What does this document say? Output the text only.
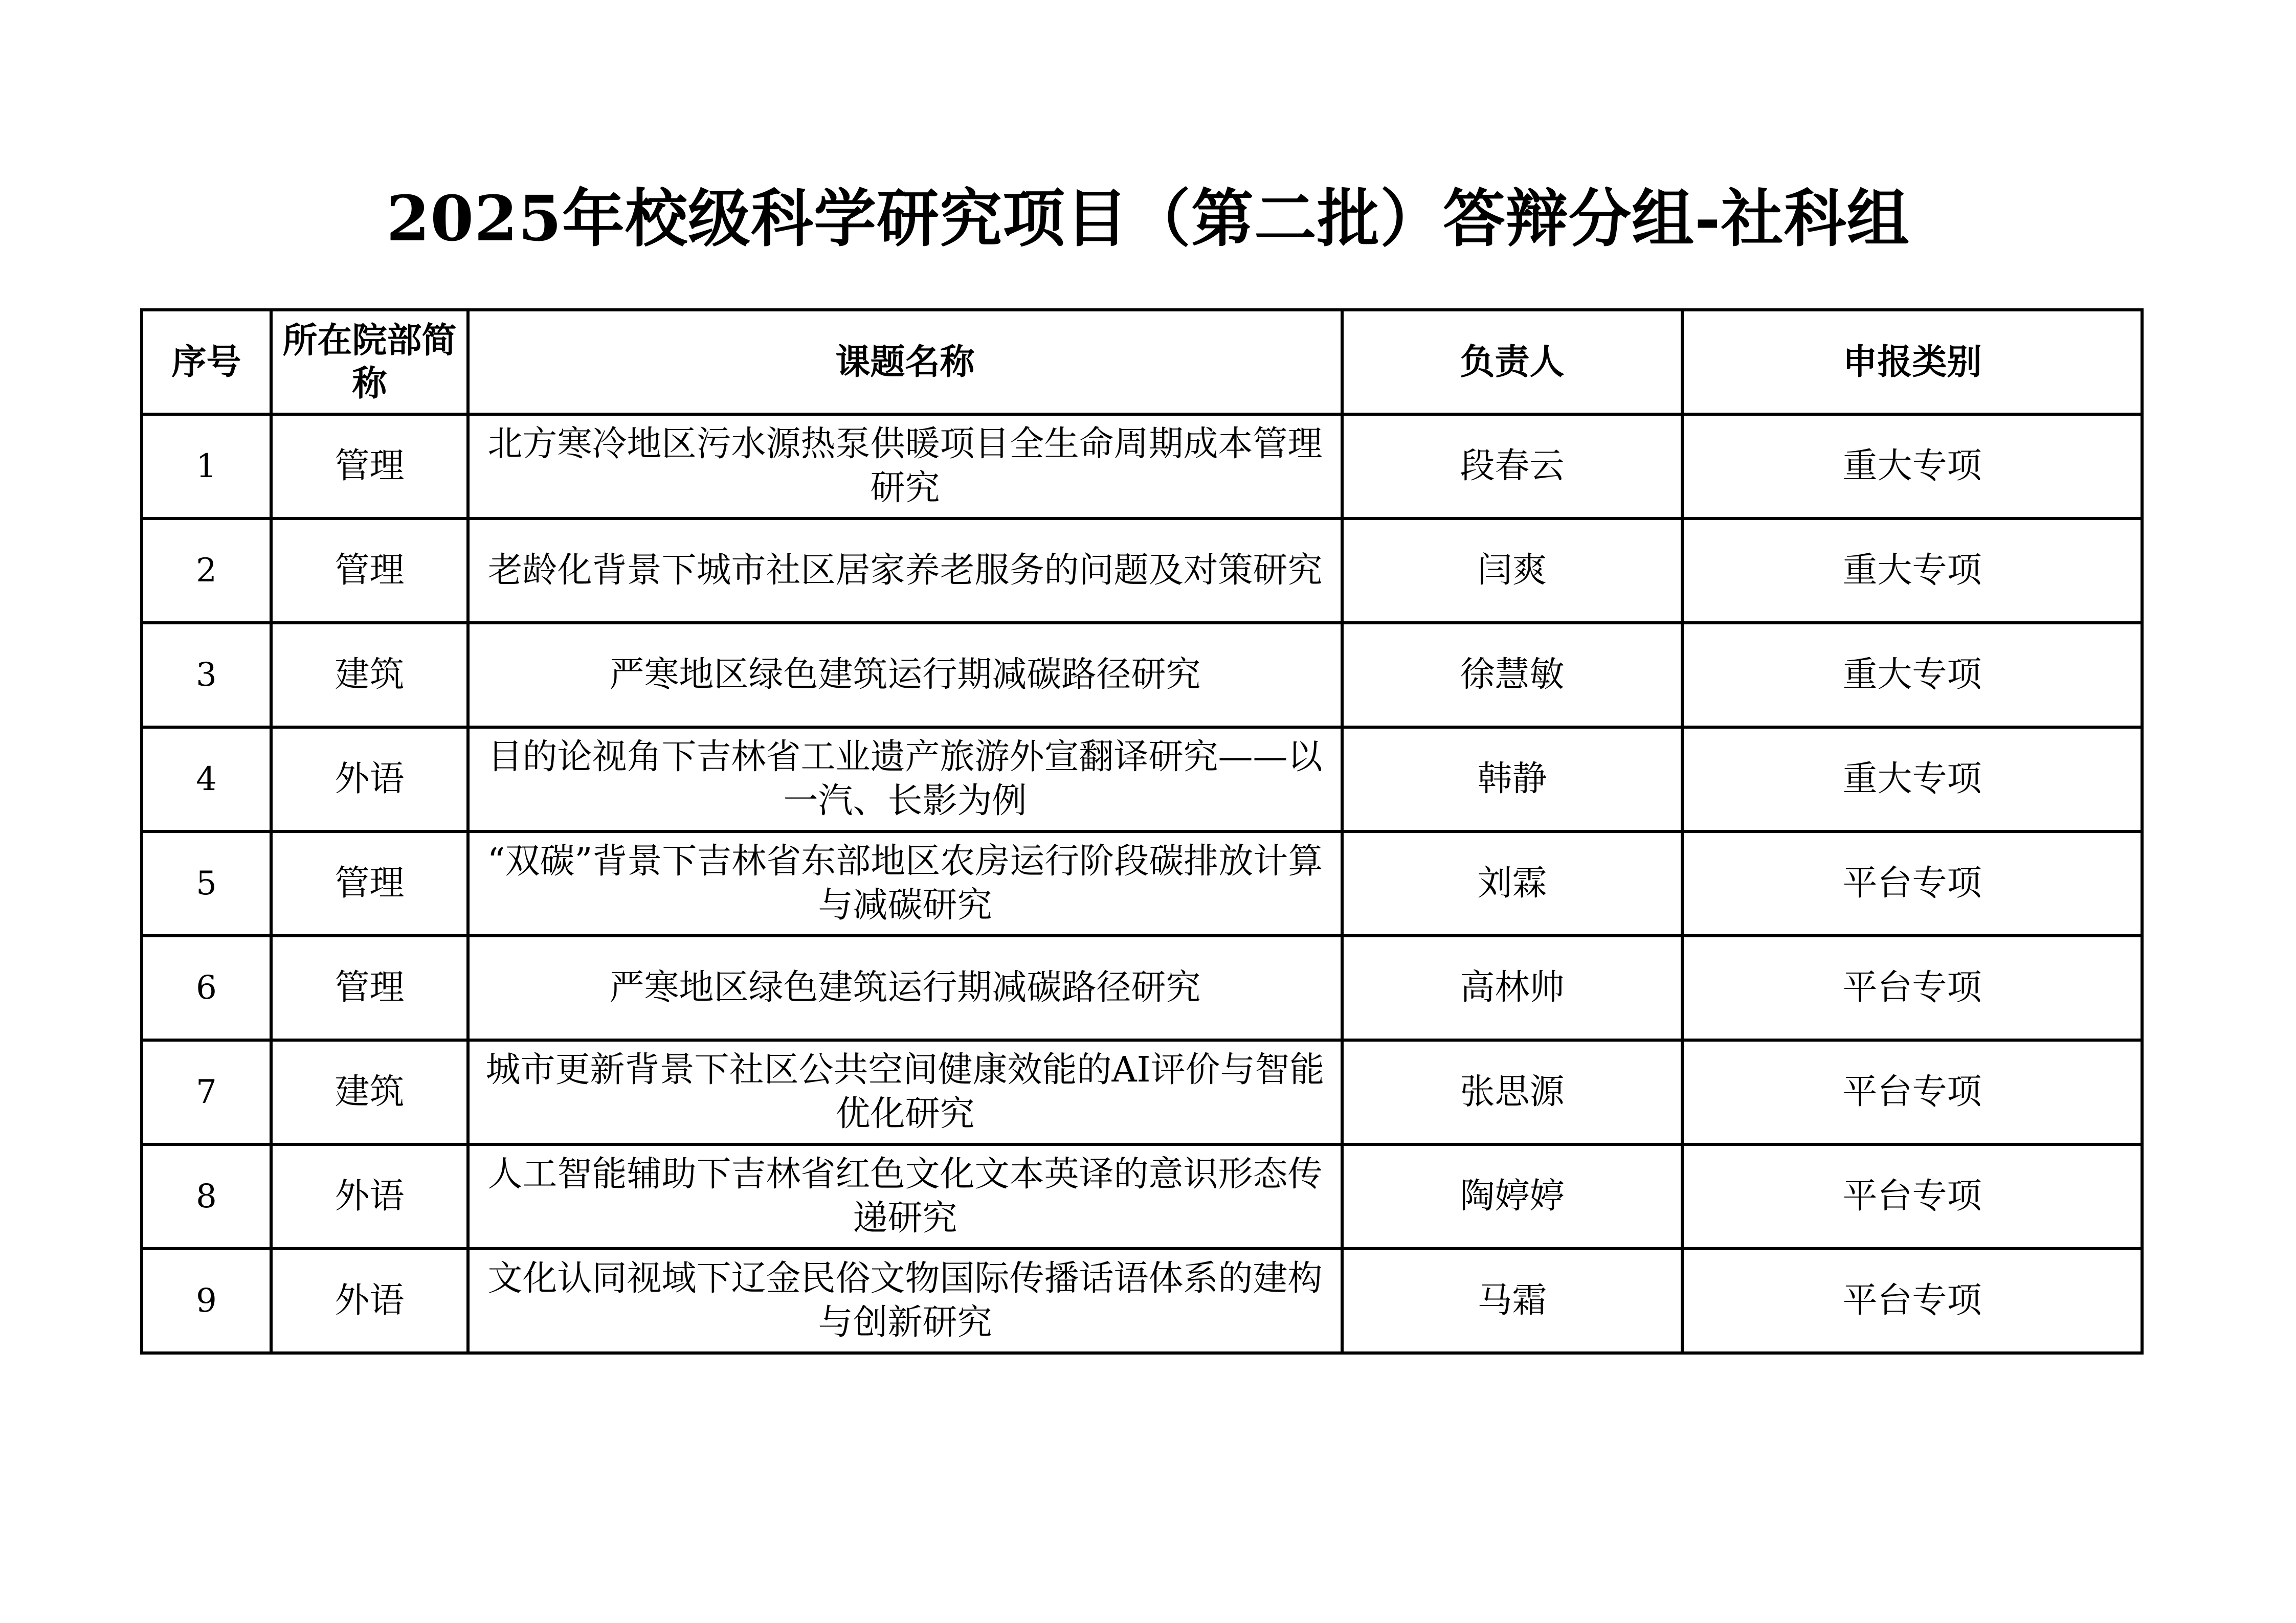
2025年校级科学研究项目（第二批）答辩分组-社科组
序号	所在院部简称	课题名称	负责人	申报类别
1	管理	北方寒冷地区污水源热泵供暖项目全生命周期成本管理研究	段春云	重大专项
2	管理	老龄化背景下城市社区居家养老服务的问题及对策研究	闫爽	重大专项
3	建筑	严寒地区绿色建筑运行期减碳路径研究	徐慧敏	重大专项
4	外语	目的论视角下吉林省工业遗产旅游外宣翻译研究——以一汽、长影为例	韩静	重大专项
5	管理	“双碳”背景下吉林省东部地区农房运行阶段碳排放计算与减碳研究	刘霖	平台专项
6	管理	严寒地区绿色建筑运行期减碳路径研究	高林帅	平台专项
7	建筑	城市更新背景下社区公共空间健康效能的AI评价与智能优化研究	张思源	平台专项
8	外语	人工智能辅助下吉林省红色文化文本英译的意识形态传递研究	陶婷婷	平台专项
9	外语	文化认同视域下辽金民俗文物国际传播话语体系的建构与创新研究	马霜	平台专项
